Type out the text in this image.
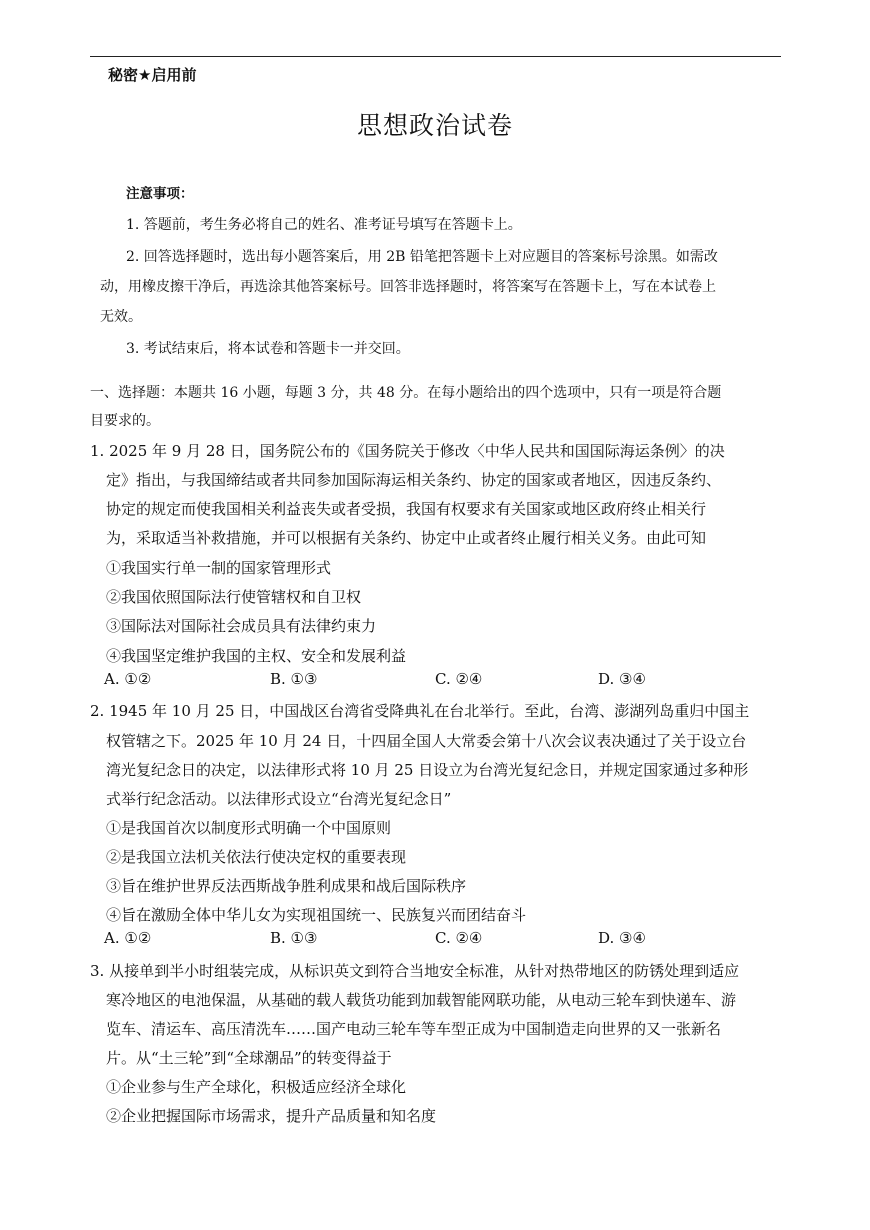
秘密★启用前
思想政治试卷
注意事项：
1. 答题前，考生务必将自己的姓名、准考证号填写在答题卡上。
2. 回答选择题时，选出每小题答案后，用 2B 铅笔把答题卡上对应题目的答案标号涂黑。如需改
动，用橡皮擦干净后，再选涂其他答案标号。回答非选择题时，将答案写在答题卡上，写在本试卷上
无效。
3. 考试结束后，将本试卷和答题卡一并交回。
一、选择题：本题共 16 小题，每题 3 分，共 48 分。在每小题给出的四个选项中，只有一项是符合题
目要求的。
1. 2025 年 9 月 28 日，国务院公布的《国务院关于修改〈中华人民共和国国际海运条例〉的决
定》指出，与我国缔结或者共同参加国际海运相关条约、协定的国家或者地区，因违反条约、
协定的规定而使我国相关利益丧失或者受损，我国有权要求有关国家或地区政府终止相关行
为，采取适当补救措施，并可以根据有关条约、协定中止或者终止履行相关义务。由此可知
①我国实行单一制的国家管理形式
②我国依照国际法行使管辖权和自卫权
③国际法对国际社会成员具有法律约束力
④我国坚定维护我国的主权、安全和发展利益
A. ①②	B. ①③	C. ②④	D. ③④
2. 1945 年 10 月 25 日，中国战区台湾省受降典礼在台北举行。至此，台湾、澎湖列岛重归中国主
权管辖之下。2025 年 10 月 24 日，十四届全国人大常委会第十八次会议表决通过了关于设立台
湾光复纪念日的决定，以法律形式将 10 月 25 日设立为台湾光复纪念日，并规定国家通过多种形
式举行纪念活动。以法律形式设立“台湾光复纪念日”
①是我国首次以制度形式明确一个中国原则
②是我国立法机关依法行使决定权的重要表现
③旨在维护世界反法西斯战争胜利成果和战后国际秩序
④旨在激励全体中华儿女为实现祖国统一、民族复兴而团结奋斗
A. ①②	B. ①③	C. ②④	D. ③④
3. 从接单到半小时组装完成，从标识英文到符合当地安全标准，从针对热带地区的防锈处理到适应
寒冷地区的电池保温，从基础的载人载货功能到加载智能网联功能，从电动三轮车到快递车、游
览车、清运车、高压清洗车……国产电动三轮车等车型正成为中国制造走向世界的又一张新名
片。从“土三轮”到“全球潮品”的转变得益于
①企业参与生产全球化，积极适应经济全球化
②企业把握国际市场需求，提升产品质量和知名度
